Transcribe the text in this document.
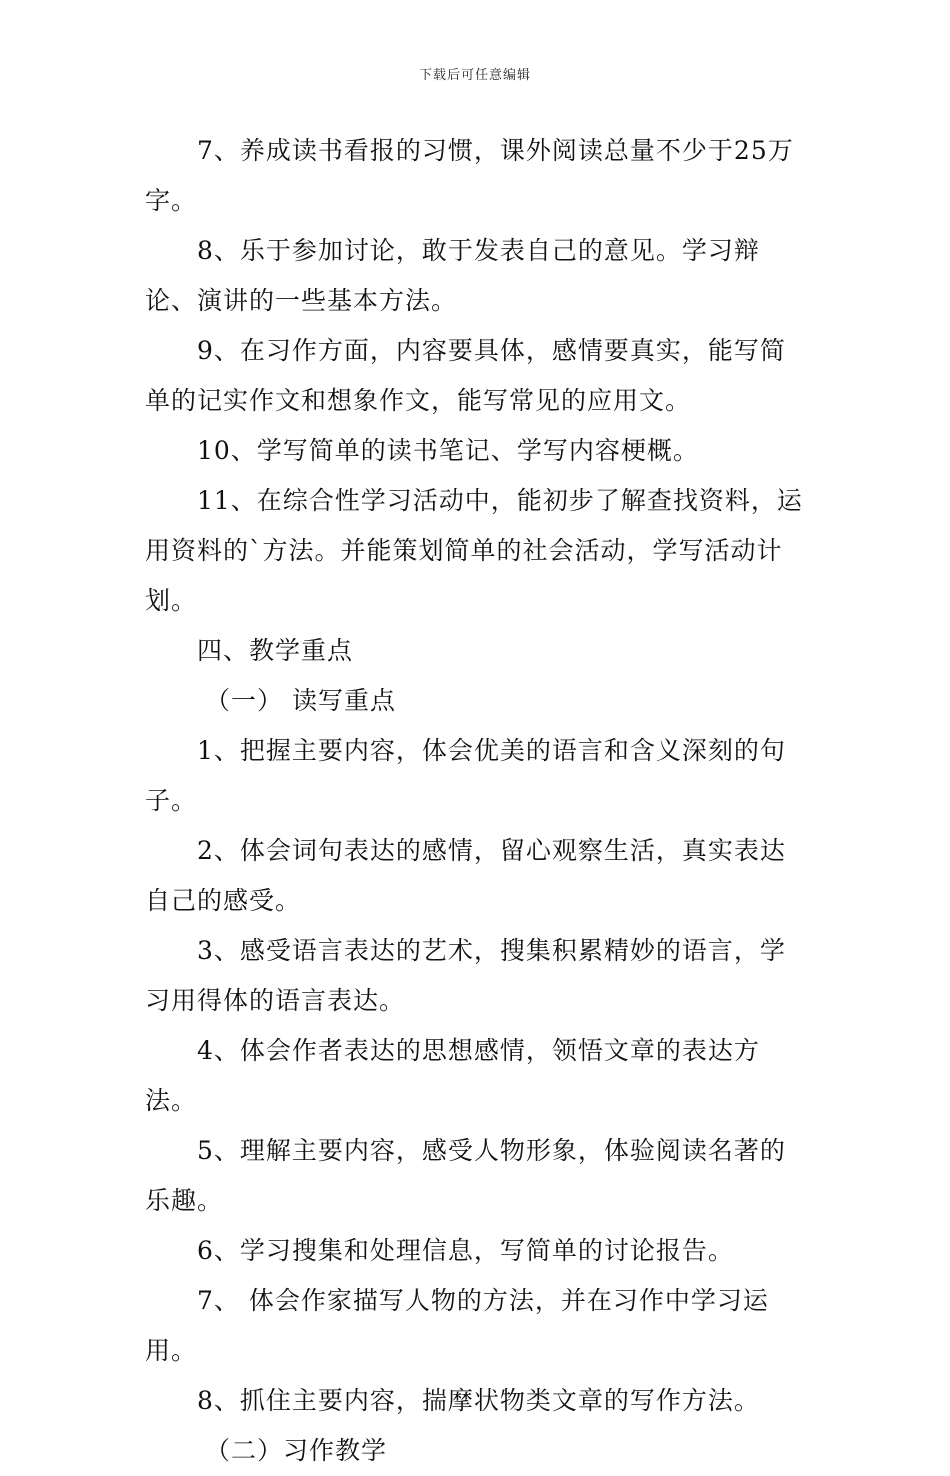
下载后可任意编辑

7、养成读书看报的习惯，课外阅读总量不少于25万字。

8、乐于参加讨论，敢于发表自己的意见。学习辩论、演讲的一些基本方法。

9、在习作方面，内容要具体，感情要真实，能写简单的记实作文和想象作文，能写常见的应用文。

10、学写简单的读书笔记、学写内容梗概。

11、在综合性学习活动中，能初步了解查找资料，运用资料的`方法。并能策划简单的社会活动，学写活动计划。

四、教学重点

（一） 读写重点

1、把握主要内容，体会优美的语言和含义深刻的句子。

2、体会词句表达的感情，留心观察生活，真实表达自己的感受。

3、感受语言表达的艺术，搜集积累精妙的语言，学习用得体的语言表达。

4、体会作者表达的思想感情，领悟文章的表达方法。

5、理解主要内容，感受人物形象，体验阅读名著的乐趣。

6、学习搜集和处理信息，写简单的讨论报告。

7、 体会作家描写人物的方法，并在习作中学习运用。

8、抓住主要内容，揣摩状物类文章的写作方法。

（二）习作教学
